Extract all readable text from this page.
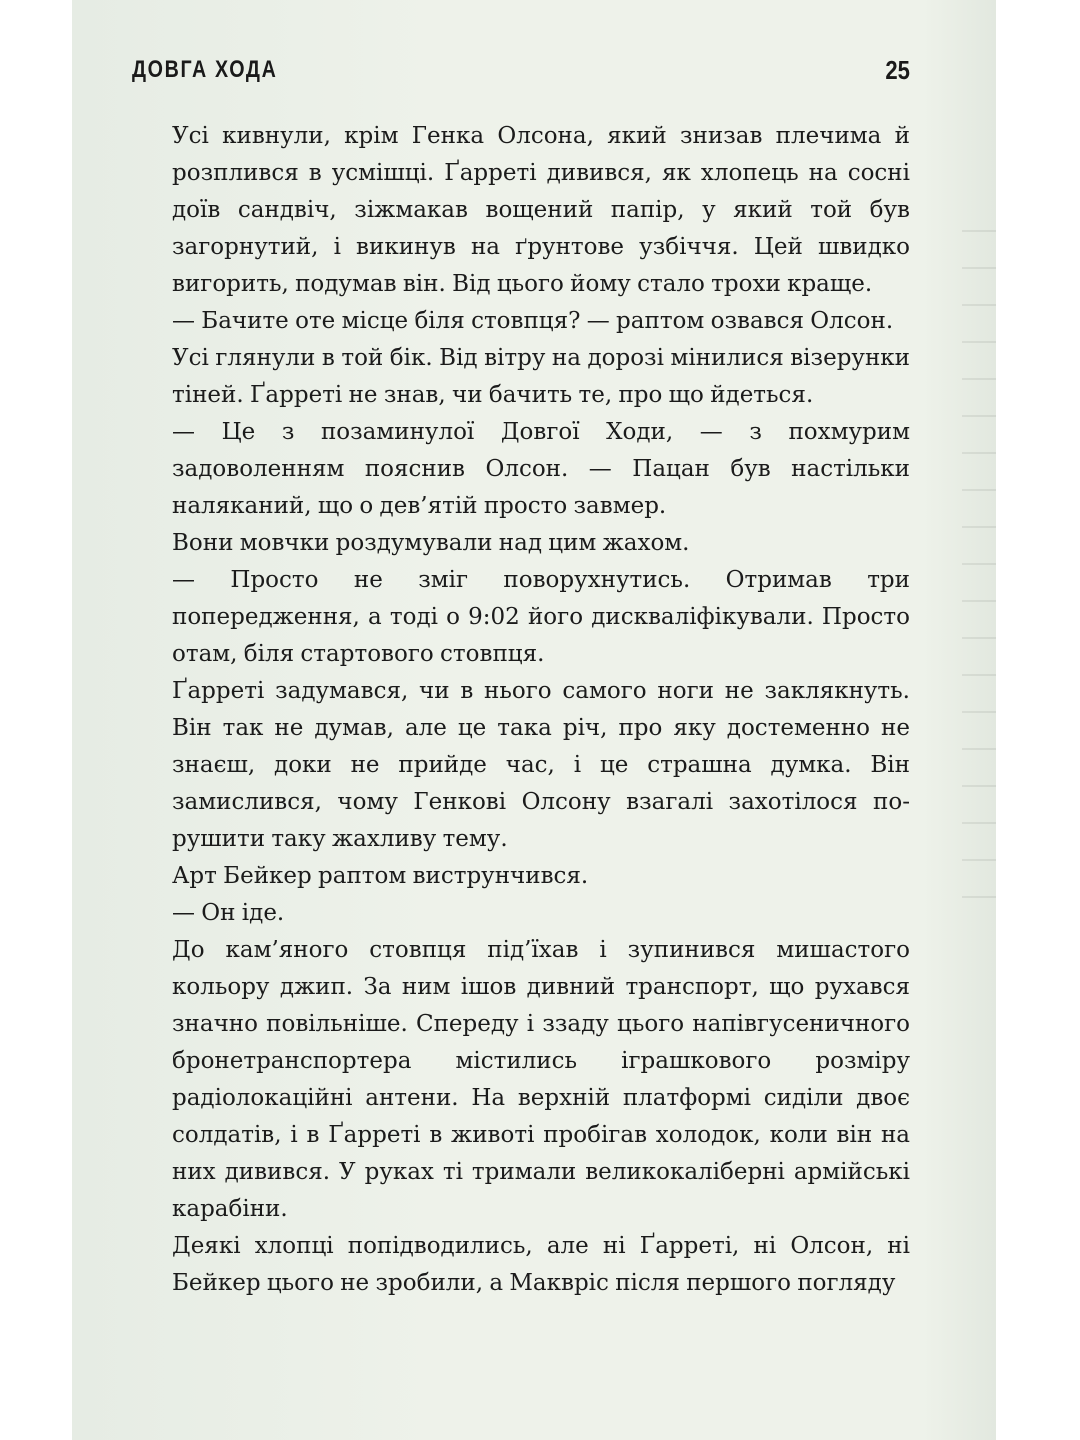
ДОВГА ХОДА	25

Усі кивнули, крім Генка Олсона, який знизав плечима й розплився в усмішці. Ґарреті дивився, як хлопець на сосні доїв сандвіч, зіжмакав вощений папір, у який той був загорнутий, і викинув на ґрунтове узбіччя. Цей швидко вигорить, подумав він. Від цього йому стало трохи краще.

— Бачите оте місце біля стовпця? — раптом озвався Олсон.

Усі глянули в той бік. Від вітру на дорозі мінилися візерунки тіней. Ґарреті не знав, чи бачить те, про що йдеться.

— Це з позаминулої Довгої Ходи, — з похмурим задоволенням пояснив Олсон. — Пацан був настільки наляканий, що о дев’ятій просто завмер.

Вони мовчки роздумували над цим жахом.

— Просто не зміг поворухнутись. Отримав три попередження, а тоді о 9:02 його дискваліфікували. Просто отам, біля стартового стовпця.

Ґарреті задумався, чи в нього самого ноги не заклякнуть. Він так не думав, але це така річ, про яку достеменно не знаєш, доки не прийде час, і це страшна думка. Він замислився, чому Генкові Олсону взагалі захотілося порушити таку жахливу тему.

Арт Бейкер раптом виструнчився.

— Он іде.

До кам’яного стовпця під’їхав і зупинився мишастого кольору джип. За ним ішов дивний транспорт, що рухався значно повільніше. Спереду і ззаду цього напівгусеничного бронетранспортера містились іграшкового розміру радіолокаційні антени. На верхній платформі сиділи двоє солдатів, і в Ґарреті в животі пробігав холодок, коли він на них дивився. У руках ті тримали великокаліберні армійські карабіни.

Деякі хлопці попідводились, але ні Ґарреті, ні Олсон, ні Бейкер цього не зробили, а Маквріс після першого погляду
